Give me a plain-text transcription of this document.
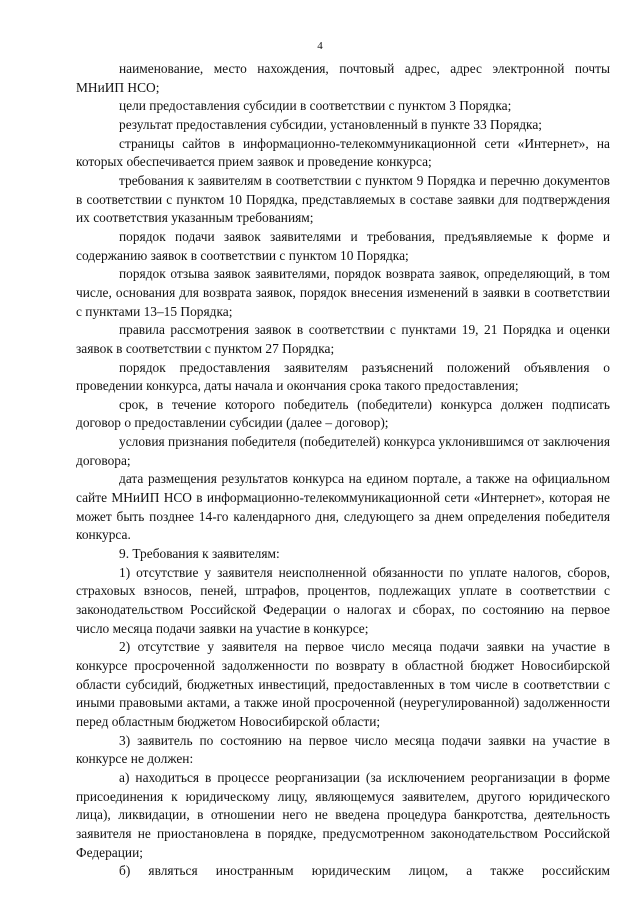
4

наименование, место нахождения, почтовый адрес, адрес электронной почты МНиИП НСО;

цели предоставления субсидии в соответствии с пунктом 3 Порядка;

результат предоставления субсидии, установленный в пункте 33 Порядка;

страницы сайтов в информационно-телекоммуникационной сети «Интернет», на которых обеспечивается прием заявок и проведение конкурса;

требования к заявителям в соответствии с пунктом 9 Порядка и перечню документов в соответствии с пунктом 10 Порядка, представляемых в составе заявки для подтверждения их соответствия указанным требованиям;

порядок подачи заявок заявителями и требования, предъявляемые к форме и содержанию заявок в соответствии с пунктом 10 Порядка;

порядок отзыва заявок заявителями, порядок возврата заявок, определяющий, в том числе, основания для возврата заявок, порядок внесения изменений в заявки в соответствии с пунктами 13–15 Порядка;

правила рассмотрения заявок в соответствии с пунктами 19, 21 Порядка и оценки заявок в соответствии с пунктом 27 Порядка;

порядок предоставления заявителям разъяснений положений объявления о проведении конкурса, даты начала и окончания срока такого предоставления;

срок, в течение которого победитель (победители) конкурса должен подписать договор о предоставлении субсидии (далее – договор);

условия признания победителя (победителей) конкурса уклонившимся от заключения договора;

дата размещения результатов конкурса на едином портале, а также на официальном сайте МНиИП НСО в информационно-телекоммуникационной сети «Интернет», которая не может быть позднее 14-го календарного дня, следующего за днем определения победителя конкурса.

9. Требования к заявителям:

1) отсутствие у заявителя неисполненной обязанности по уплате налогов, сборов, страховых взносов, пеней, штрафов, процентов, подлежащих уплате в соответствии с законодательством Российской Федерации о налогах и сборах, по состоянию на первое число месяца подачи заявки на участие в конкурсе;

2) отсутствие у заявителя на первое число месяца подачи заявки на участие в конкурсе просроченной задолженности по возврату в областной бюджет Новосибирской области субсидий, бюджетных инвестиций, предоставленных в том числе в соответствии с иными правовыми актами, а также иной просроченной (неурегулированной) задолженности перед областным бюджетом Новосибирской области;

3) заявитель по состоянию на первое число месяца подачи заявки на участие в конкурсе не должен:

а) находиться в процессе реорганизации (за исключением реорганизации в форме присоединения к юридическому лицу, являющемуся заявителем, другого юридического лица), ликвидации, в отношении него не введена процедура банкротства, деятельность заявителя не приостановлена в порядке, предусмотренном законодательством Российской Федерации;

б) являться иностранным юридическим лицом, а также российским
